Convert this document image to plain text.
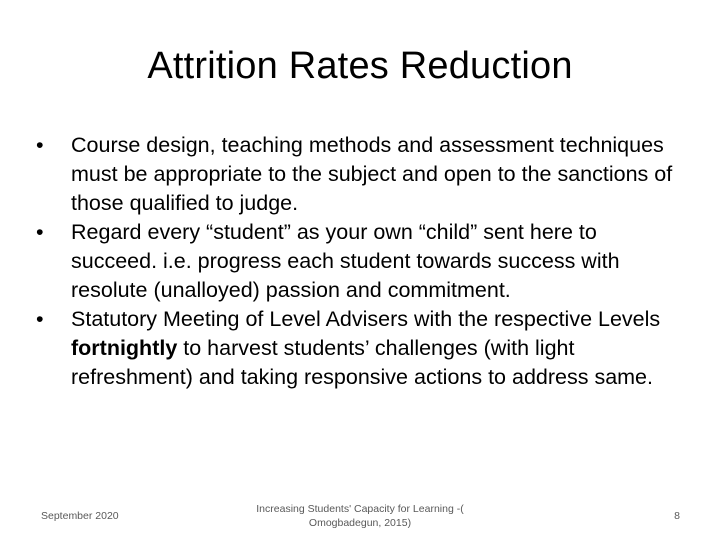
Attrition Rates Reduction
•	Course design, teaching methods and assessment techniques must be appropriate to the subject and open to the sanctions of those qualified to judge.
•	Regard every “student” as your own “child” sent here to succeed. i.e. progress each student towards success with resolute (unalloyed) passion and commitment.
•	Statutory Meeting of Level Advisers with the respective Levels fortnightly to harvest students’ challenges (with light refreshment) and taking responsive actions to address same.
September 2020
Increasing Students' Capacity for Learning -(
Omogbadegun, 2015)
8
